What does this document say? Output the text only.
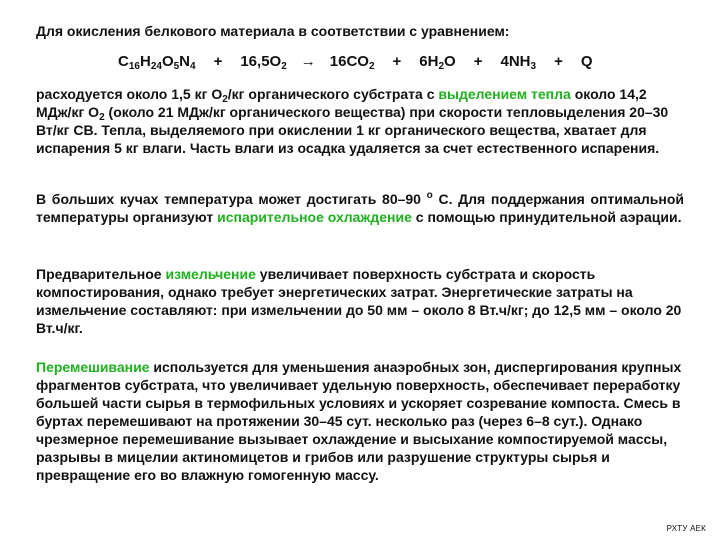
Для окисления белкового материала в соответствии с уравнением:

$C_{16}H_{24}O_5N_4 + 16,5O_2 \to 16CO_2 + 6H_2O + 4NH_3 + Q$

расходуется около 1,5 кг $O_2/кг$ органического субстрата с выделением тепла около 14,2 МДж/кг $O_2$ (около 21 МДж/кг органического вещества) при скорости тепловыделения 20–30 Вт/кг СВ. Тепла, выделяемого при окислении 1 кг органического вещества, хватает для испарения 5 кг влаги. Часть влаги из осадка удаляется за счет естественного испарения.

В больших кучах температура может достигать 80–90 $^о$ С. Для поддержания оптимальной температуры организуют испарительное охлаждение с помощью принудительной аэрации.

Предварительное измельчение увеличивает поверхность субстрата и скорость компостирования, однако требует энергетических затрат. Энергетические затраты на измельчение составляют: при измельчении до 50 мм – около 8 Вт.ч/кг; до 12,5 мм – около 20 Вт.ч/кг.

Перемешивание используется для уменьшения анаэробных зон, диспергирования крупных фрагментов субстрата, что увеличивает удельную поверхность, обеспечивает переработку большей части сырья в термофильных условиях и ускоряет созревание компоста. Смесь в буртах перемешивают на протяжении 30–45 сут. несколько раз (через 6–8 сут.). Однако чрезмерное перемешивание вызывает охлаждение и высыхание компостируемой массы, разрывы в мицелии актиномицетов и грибов или разрушение структуры сырья и превращение его во влажную гомогенную массу.

РХТУ АЕК
